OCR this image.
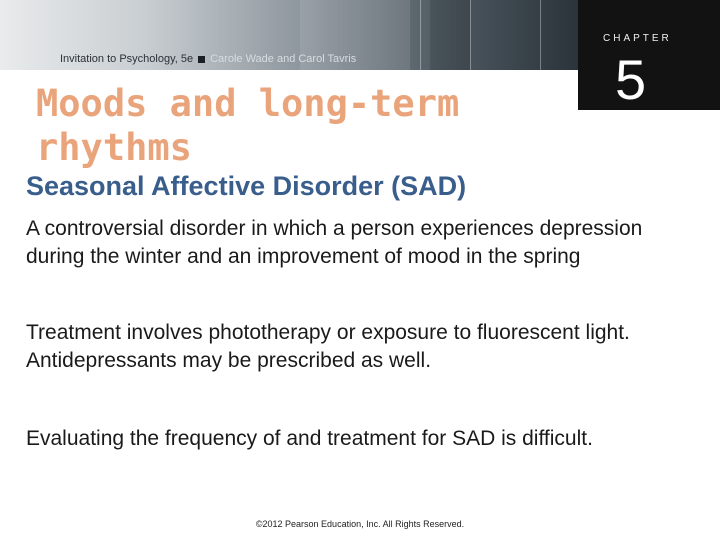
Invitation to Psychology, 5e Carole Wade and Carol Tavris
CHAPTER
5
Moods and long-term rhythms
Seasonal Affective Disorder (SAD)

A controversial disorder in which a person experiences depression during the winter and an improvement of mood in the spring

Treatment involves phototherapy or exposure to fluorescent light. Antidepressants may be prescribed as well.

Evaluating the frequency of and treatment for SAD is difficult.

©2012 Pearson Education, Inc. All Rights Reserved.
